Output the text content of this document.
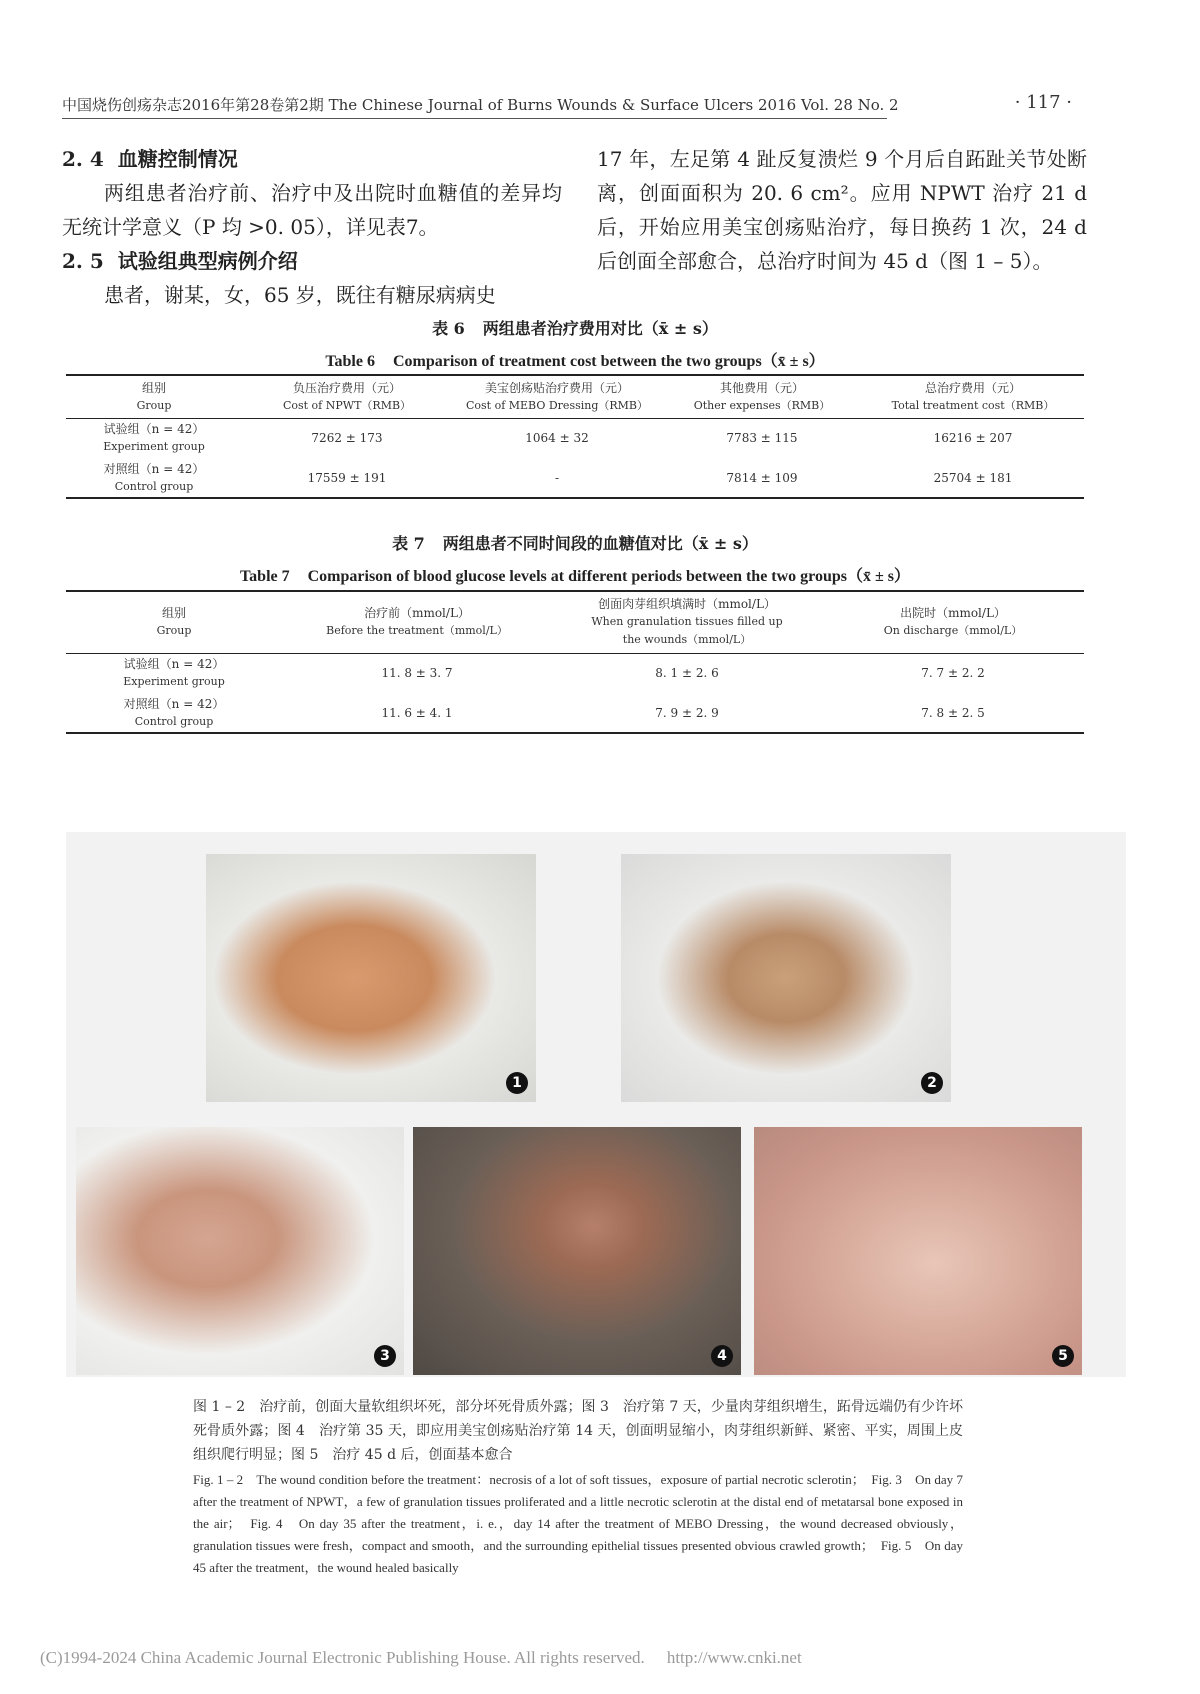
中国烧伤创疡杂志2016年第28卷第2期 The Chinese Journal of Burns Wounds & Surface Ulcers 2016 Vol. 28 No. 2	· 117 ·

2. 4 血糖控制情况

两组患者治疗前、治疗中及出院时血糖值的差异均无统计学意义（P 均 >0. 05），详见表7。

2. 5 试验组典型病例介绍

患者，谢某，女，65 岁，既往有糖尿病病史

17 年，左足第 4 趾反复溃烂 9 个月后自跖趾关节处断离，创面面积为 20. 6 cm²。应用 NPWT 治疗 21 d 后，开始应用美宝创疡贴治疗，每日换药 1 次，24 d后创面全部愈合，总治疗时间为 45 d（图 1 – 5）。

表 6 两组患者治疗费用对比（x̄ ± s）
Table 6 Comparison of treatment cost between the two groups（x̄ ± s）
组别
Group	负压治疗费用（元）
Cost of NPWT（RMB）	美宝创疡贴治疗费用（元）
Cost of MEBO Dressing（RMB）	其他费用（元）
Other expenses（RMB）	总治疗费用（元）
Total treatment cost（RMB）

试验组（n = 42）
Experiment group	7262 ± 173	1064 ± 32	7783 ± 115	16216 ± 207

对照组（n = 42）
Control group	17559 ± 191	-	7814 ± 109	25704 ± 181
表 7 两组患者不同时间段的血糖值对比（x̄ ± s）
Table 7 Comparison of blood glucose levels at different periods between the two groups（x̄ ± s）
组别
Group	治疗前（mmol/L）
Before the treatment（mmol/L）	创面肉芽组织填满时（mmol/L）
When granulation tissues filled up
the wounds（mmol/L）	出院时（mmol/L）
On discharge（mmol/L）

试验组（n = 42）
Experiment group	11. 8 ± 3. 7	8. 1 ± 2. 6	7. 7 ± 2. 2

对照组（n = 42）
Control group	11. 6 ± 4. 1	7. 9 ± 2. 9	7. 8 ± 2. 5
1	2
3	4	5

图 1 – 2　治疗前，创面大量软组织坏死，部分坏死骨质外露；图 3　治疗第 7 天，少量肉芽组织增生，跖骨远端仍有少许坏死骨质外露；图 4　治疗第 35 天，即应用美宝创疡贴治疗第 14 天，创面明显缩小，肉芽组织新鲜、紧密、平实，周围上皮组织爬行明显；图 5　治疗 45 d 后，创面基本愈合

Fig. 1 – 2　The wound condition before the treatment：necrosis of a lot of soft tissues，exposure of partial necrotic sclerotin；　Fig. 3　On day 7 after the treatment of NPWT，a few of granulation tissues proliferated and a little necrotic sclerotin at the distal end of metatarsal bone exposed in the air；　Fig. 4　On day 35 after the treatment，i. e.，day 14 after the treatment of MEBO Dressing，the wound decreased obviously，granulation tissues were fresh，compact and smooth，and the surrounding epithelial tissues presented obvious crawled growth；　Fig. 5　On day 45 after the treatment，the wound healed basically

(C)1994-2024 China Academic Journal Electronic Publishing House. All rights reserved. http://www.cnki.net
